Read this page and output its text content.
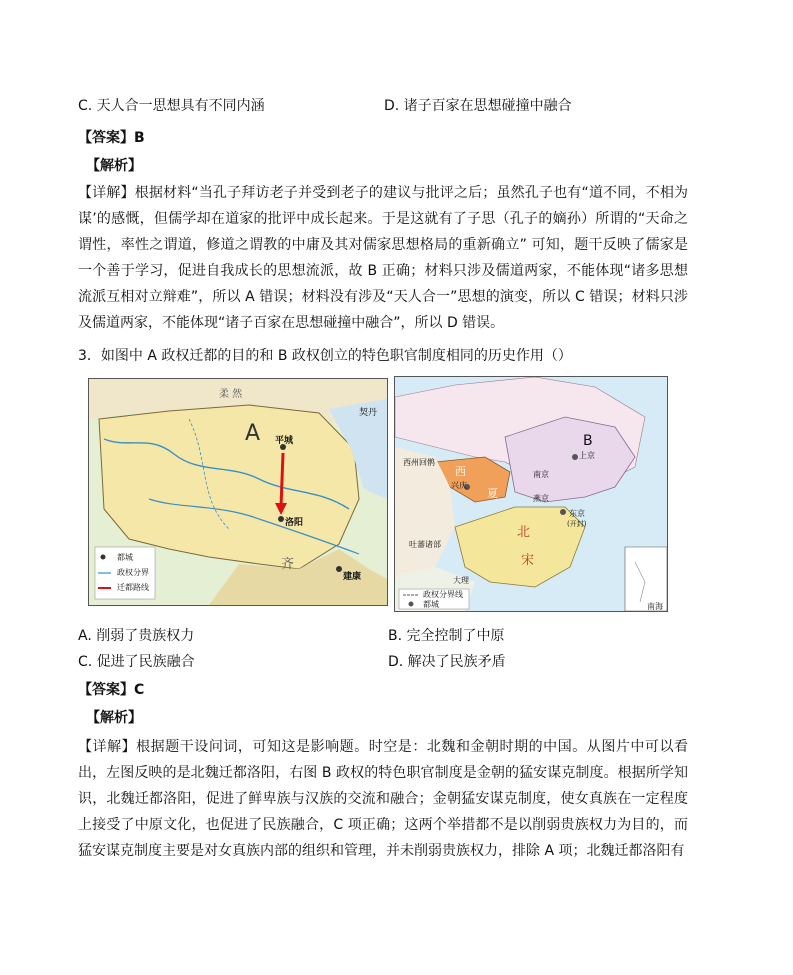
C. 天人合一思想具有不同内涵	D. 诸子百家在思想碰撞中融合
【答案】B
【解析】
【详解】根据材料“当孔子拜访老子并受到老子的建议与批评之后；虽然孔子也有“道不同，不相为谋’的感慨，但儒学却在道家的批评中成长起来。于是这就有了子思（孔子的嫡孙）所谓的“天命之谓性，率性之谓道，修道之谓教的中庸及其对儒家思想格局的重新确立” 可知，题干反映了儒家是一个善于学习，促进自我成长的思想流派，故 B 正确；材料只涉及儒道两家，不能体现“诸多思想流派互相对立辩难”，所以 A 错误；材料没有涉及“天人合一”思想的演变，所以 C 错误；材料只涉及儒道两家，不能体现“诸子百家在思想碰撞中融合”，所以 D 错误。
3．如图中 A 政权迁都的目的和 B 政权创立的特色职官制度相同的历史作用（）
A
柔 然
契丹
平城
洛阳
齐
建康
都城
政权分界
迁都路线
B
西州回鹘
西
夏
兴庆
上京
南京
燕京
东京
(开封)
北
宋
吐蕃诸部
大理
政权分界线
都城	南海
A. 削弱了贵族权力	B. 完全控制了中原
C. 促进了民族融合	D. 解决了民族矛盾
【答案】C
【解析】
【详解】根据题干设问词，可知这是影响题。时空是：北魏和金朝时期的中国。从图片中可以看出，左图反映的是北魏迁都洛阳，右图 B 政权的特色职官制度是金朝的猛安谋克制度。根据所学知识，北魏迁都洛阳，促进了鲜卑族与汉族的交流和融合；金朝猛安谋克制度，使女真族在一定程度上接受了中原文化，也促进了民族融合，C 项正确；这两个举措都不是以削弱贵族权力为目的，而猛安谋克制度主要是对女真族内部的组织和管理，并未削弱贵族权力，排除 A 项；北魏迁都洛阳有
